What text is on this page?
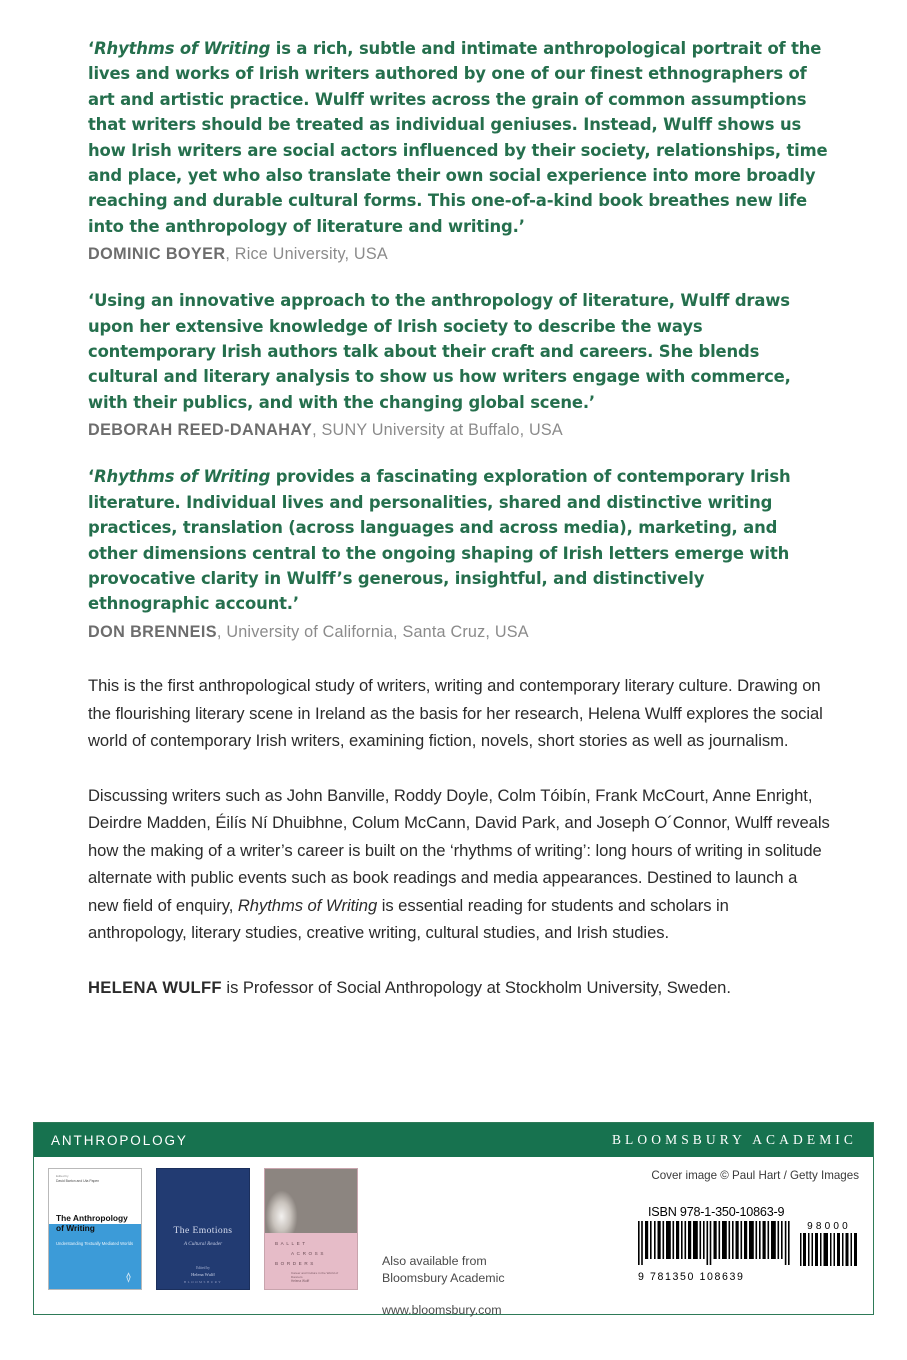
‘Rhythms of Writing is a rich, subtle and intimate anthropological portrait of the lives and works of Irish writers authored by one of our finest ethnographers of art and artistic practice. Wulff writes across the grain of common assumptions that writers should be treated as individual geniuses. Instead, Wulff shows us how Irish writers are social actors influenced by their society, relationships, time and place, yet who also translate their own social experience into more broadly reaching and durable cultural forms. This one-of-a-kind book breathes new life into the anthropology of literature and writing.’
DOMINIC BOYER, Rice University, USA
‘Using an innovative approach to the anthropology of literature, Wulff draws upon her extensive knowledge of Irish society to describe the ways contemporary Irish authors talk about their craft and careers. She blends cultural and literary analysis to show us how writers engage with commerce, with their publics, and with the changing global scene.’
DEBORAH REED-DANAHAY, SUNY University at Buffalo, USA
‘Rhythms of Writing provides a fascinating exploration of contemporary Irish literature. Individual lives and personalities, shared and distinctive writing practices, translation (across languages and across media), marketing, and other dimensions central to the ongoing shaping of Irish letters emerge with provocative clarity in Wulff’s generous, insightful, and distinctively ethnographic account.’
DON BRENNEIS, University of California, Santa Cruz, USA

This is the first anthropological study of writers, writing and contemporary literary culture. Drawing on the flourishing literary scene in Ireland as the basis for her research, Helena Wulff explores the social world of contemporary Irish writers, examining fiction, novels, short stories as well as journalism.

Discussing writers such as John Banville, Roddy Doyle, Colm Tóibín, Frank McCourt, Anne Enright, Deirdre Madden, Éilís Ní Dhuibhne, Colum McCann, David Park, and Joseph O´Connor, Wulff reveals how the making of a writer’s career is built on the ‘rhythms of writing’: long hours of writing in solitude alternate with public events such as book readings and media appearances. Destined to launch a new field of enquiry, Rhythms of Writing is essential reading for students and scholars in anthropology, literary studies, creative writing, cultural studies, and Irish studies.

HELENA WULFF is Professor of Social Anthropology at Stockholm University, Sweden.

ANTHROPOLOGY	BLOOMSBURY ACADEMIC
Cover image © Paul Hart / Getty Images
Edited by
David Barton and Uta Papen
The Anthropology
of Writing
Understanding Textually Mediated Worlds
The Emotions
A Cultural Reader
Edited by
Helena Wulff
BLOOMSBURY
BALLET
ACROSS
BORDERS
Career and Culture in the World of Dancers
Helena Wulff
Also available from
Bloomsbury Academic
www.bloomsbury.com
ISBN 978-1-350-10863-9
9 781350 108639
98000
